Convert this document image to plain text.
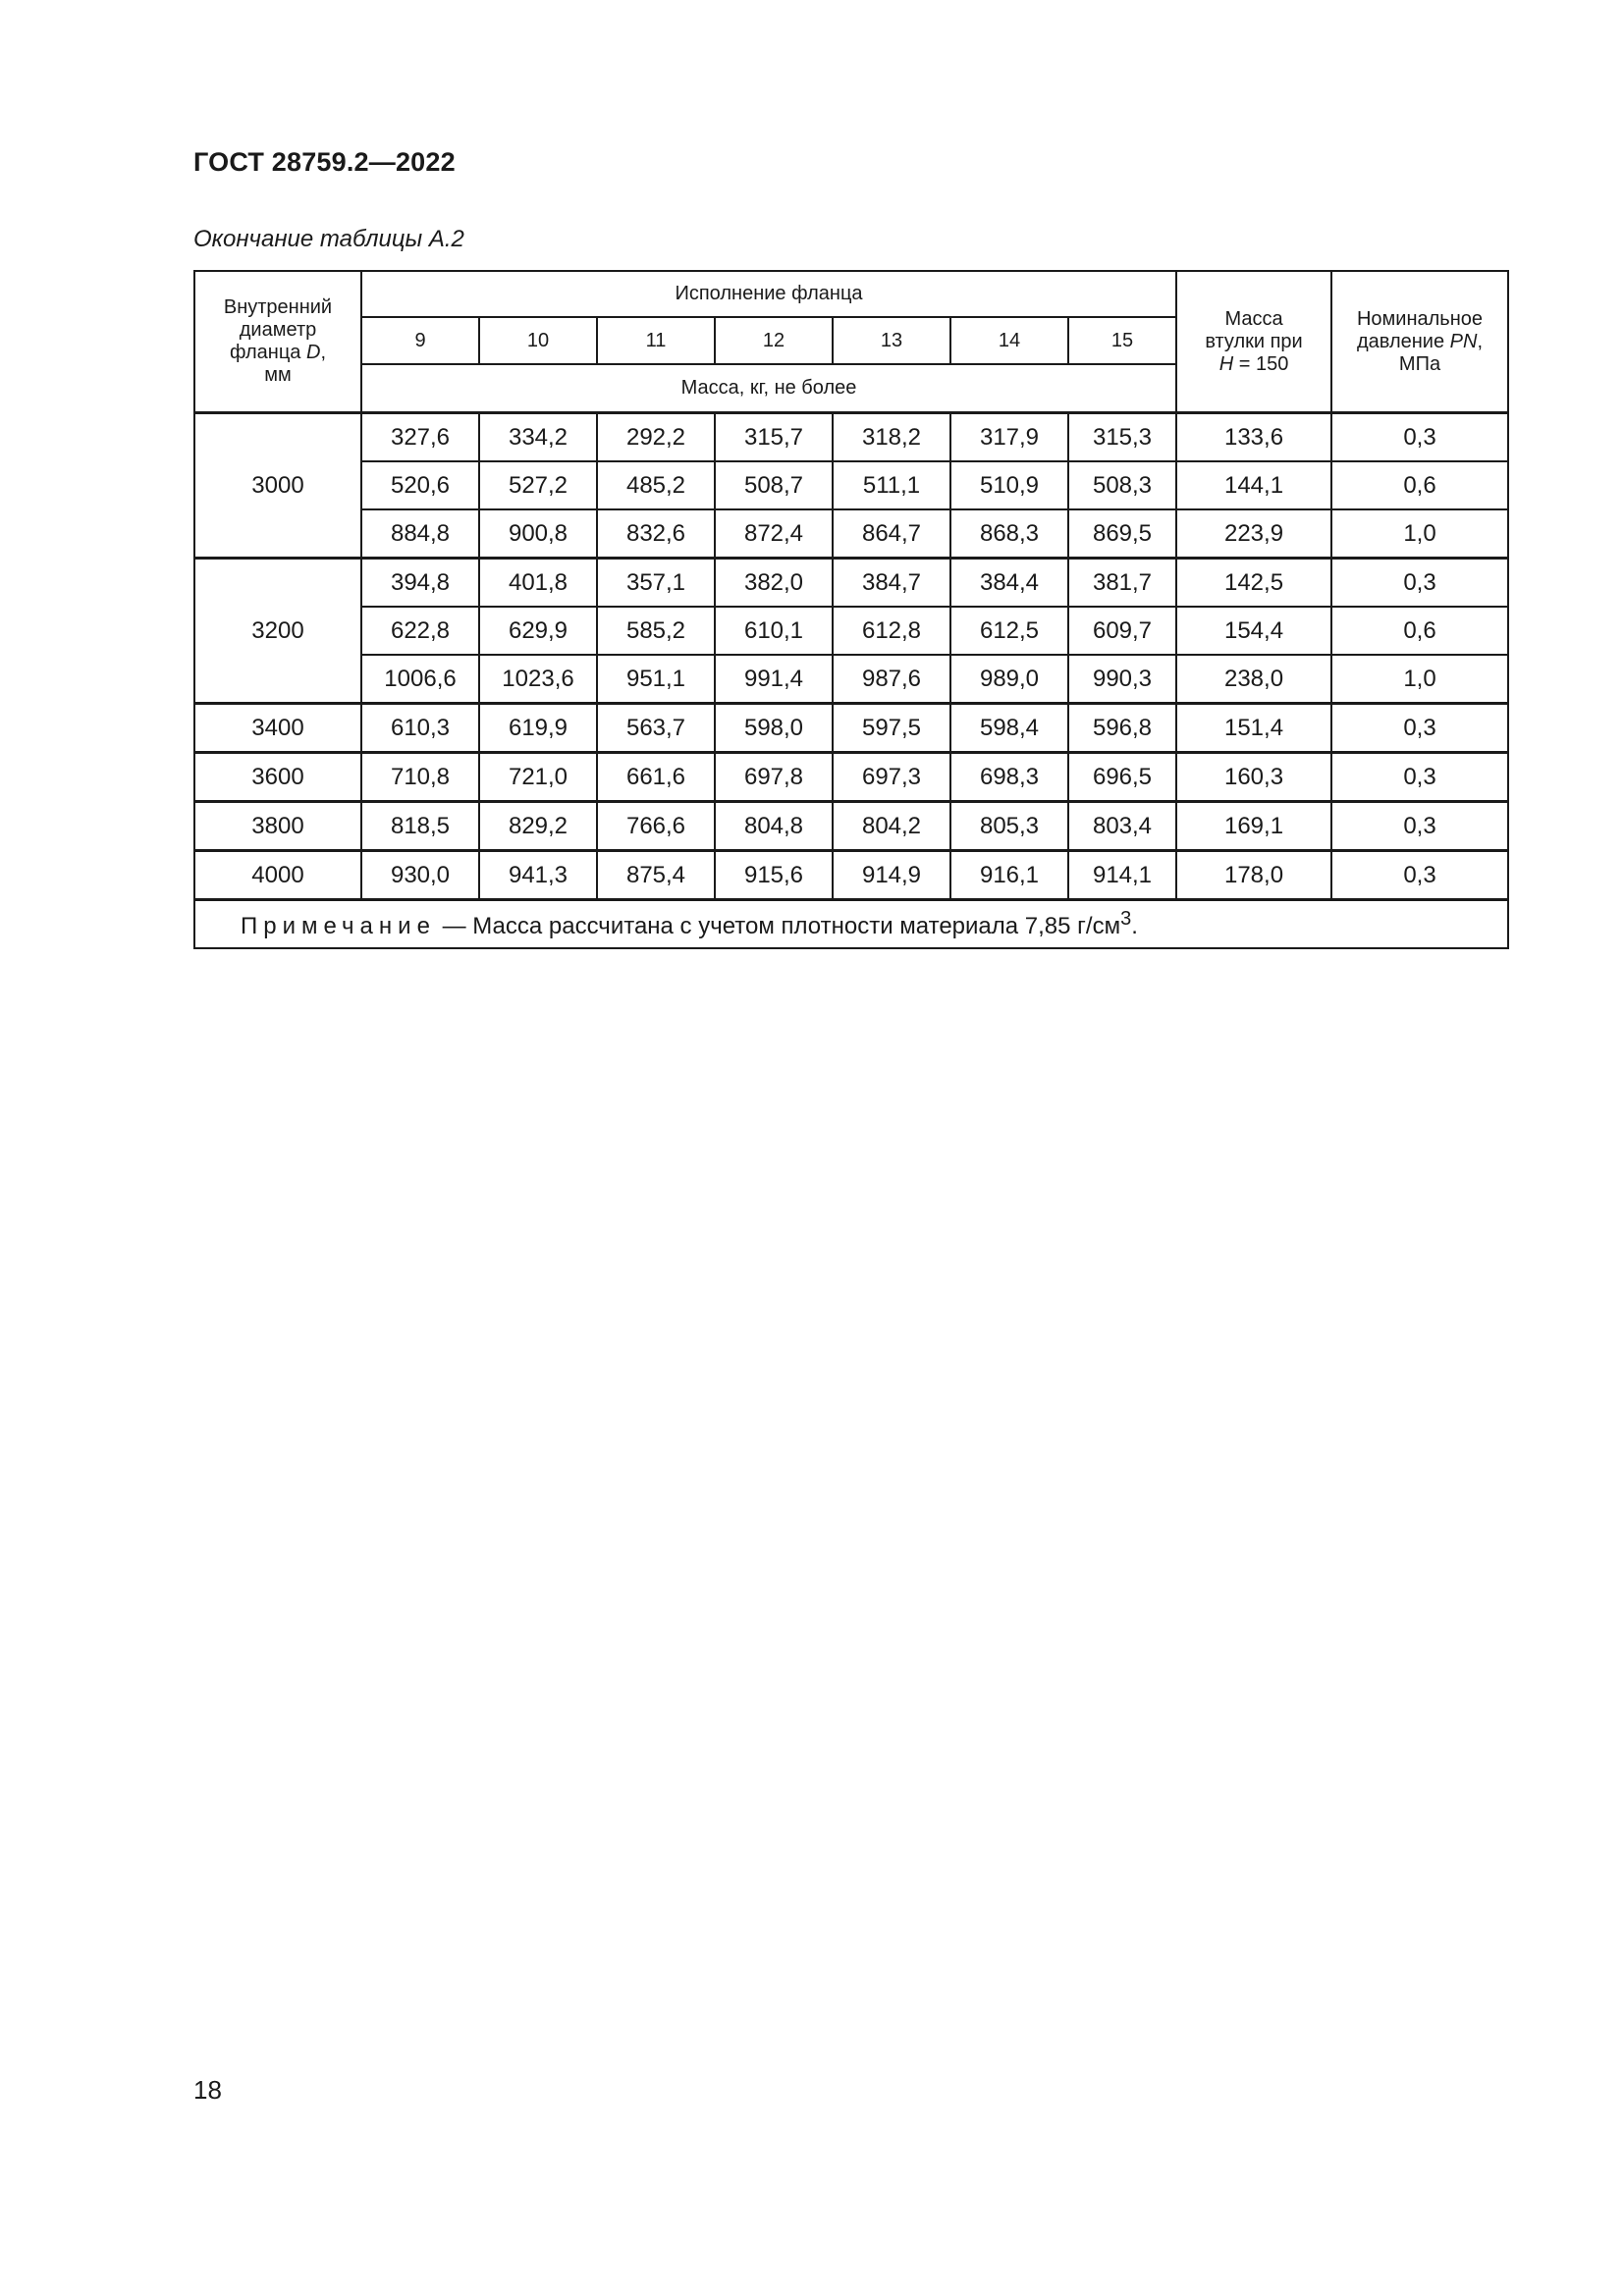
ГОСТ 28759.2—2022
Окончание таблицы А.2
Внутренний
диаметр
фланца D,
мм	Исполнение фланца							Масса
втулки при
H = 150	Номинальное
давление PN,
МПа
	9	10	11	12	13	14	15		
	Масса, кг, не более								
3000	327,6	334,2	292,2	315,7	318,2	317,9	315,3	133,6	0,3
	520,6	527,2	485,2	508,7	511,1	510,9	508,3	144,1	0,6
	884,8	900,8	832,6	872,4	864,7	868,3	869,5	223,9	1,0
3200	394,8	401,8	357,1	382,0	384,7	384,4	381,7	142,5	0,3
	622,8	629,9	585,2	610,1	612,8	612,5	609,7	154,4	0,6
	1006,6	1023,6	951,1	991,4	987,6	989,0	990,3	238,0	1,0
3400	610,3	619,9	563,7	598,0	597,5	598,4	596,8	151,4	0,3
3600	710,8	721,0	661,6	697,8	697,3	698,3	696,5	160,3	0,3
3800	818,5	829,2	766,6	804,8	804,2	805,3	803,4	169,1	0,3
4000	930,0	941,3	875,4	915,6	914,9	916,1	914,1	178,0	0,3
Примечание — Масса рассчитана с учетом плотности материала 7,85 $г/см^3$.									
18
